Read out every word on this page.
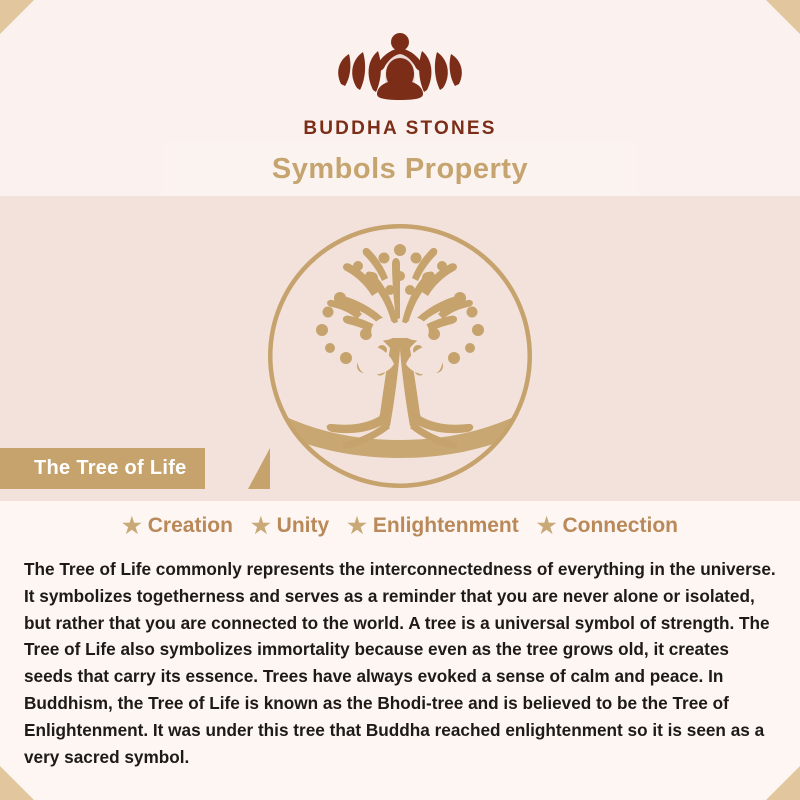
BUDDHA STONES
Symbols Property
The Tree of Life
★ Creation ★ Unity ★ Enlightenment ★ Connection
The Tree of Life commonly represents the interconnectedness of everything in the universe. It symbolizes togetherness and serves as a reminder that you are never alone or isolated, but rather that you are connected to the world. A tree is a universal symbol of strength. The Tree of Life also symbolizes immortality because even as the tree grows old, it creates seeds that carry its essence. Trees have always evoked a sense of calm and peace. In Buddhism, the Tree of Life is known as the Bhodi-tree and is believed to be the Tree of Enlightenment. It was under this tree that Buddha reached enlightenment so it is seen as a very sacred symbol.
